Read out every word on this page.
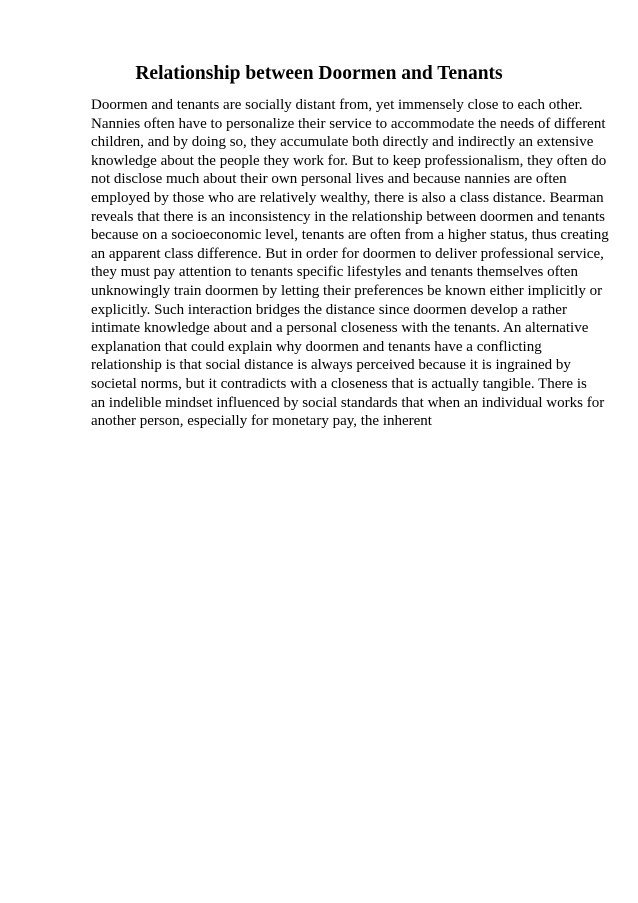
Relationship between Doormen and Tenants
Doormen and tenants are socially distant from, yet immensely close to each other.
Nannies often have to personalize their service to accommodate the needs of different
children, and by doing so, they accumulate both directly and indirectly an extensive
knowledge about the people they work for. But to keep professionalism, they often do
not disclose much about their own personal lives and because nannies are often
employed by those who are relatively wealthy, there is also a class distance. Bearman
reveals that there is an inconsistency in the relationship between doormen and tenants
because on a socioeconomic level, tenants are often from a higher status, thus creating
an apparent class difference. But in order for doormen to deliver professional service,
they must pay attention to tenants specific lifestyles and tenants themselves often
unknowingly train doormen by letting their preferences be known either implicitly or
explicitly. Such interaction bridges the distance since doormen develop a rather
intimate knowledge about and a personal closeness with the tenants. An alternative
explanation that could explain why doormen and tenants have a conflicting
relationship is that social distance is always perceived because it is ingrained by
societal norms, but it contradicts with a closeness that is actually tangible. There is
an indelible mindset influenced by social standards that when an individual works for
another person, especially for monetary pay, the inherent
